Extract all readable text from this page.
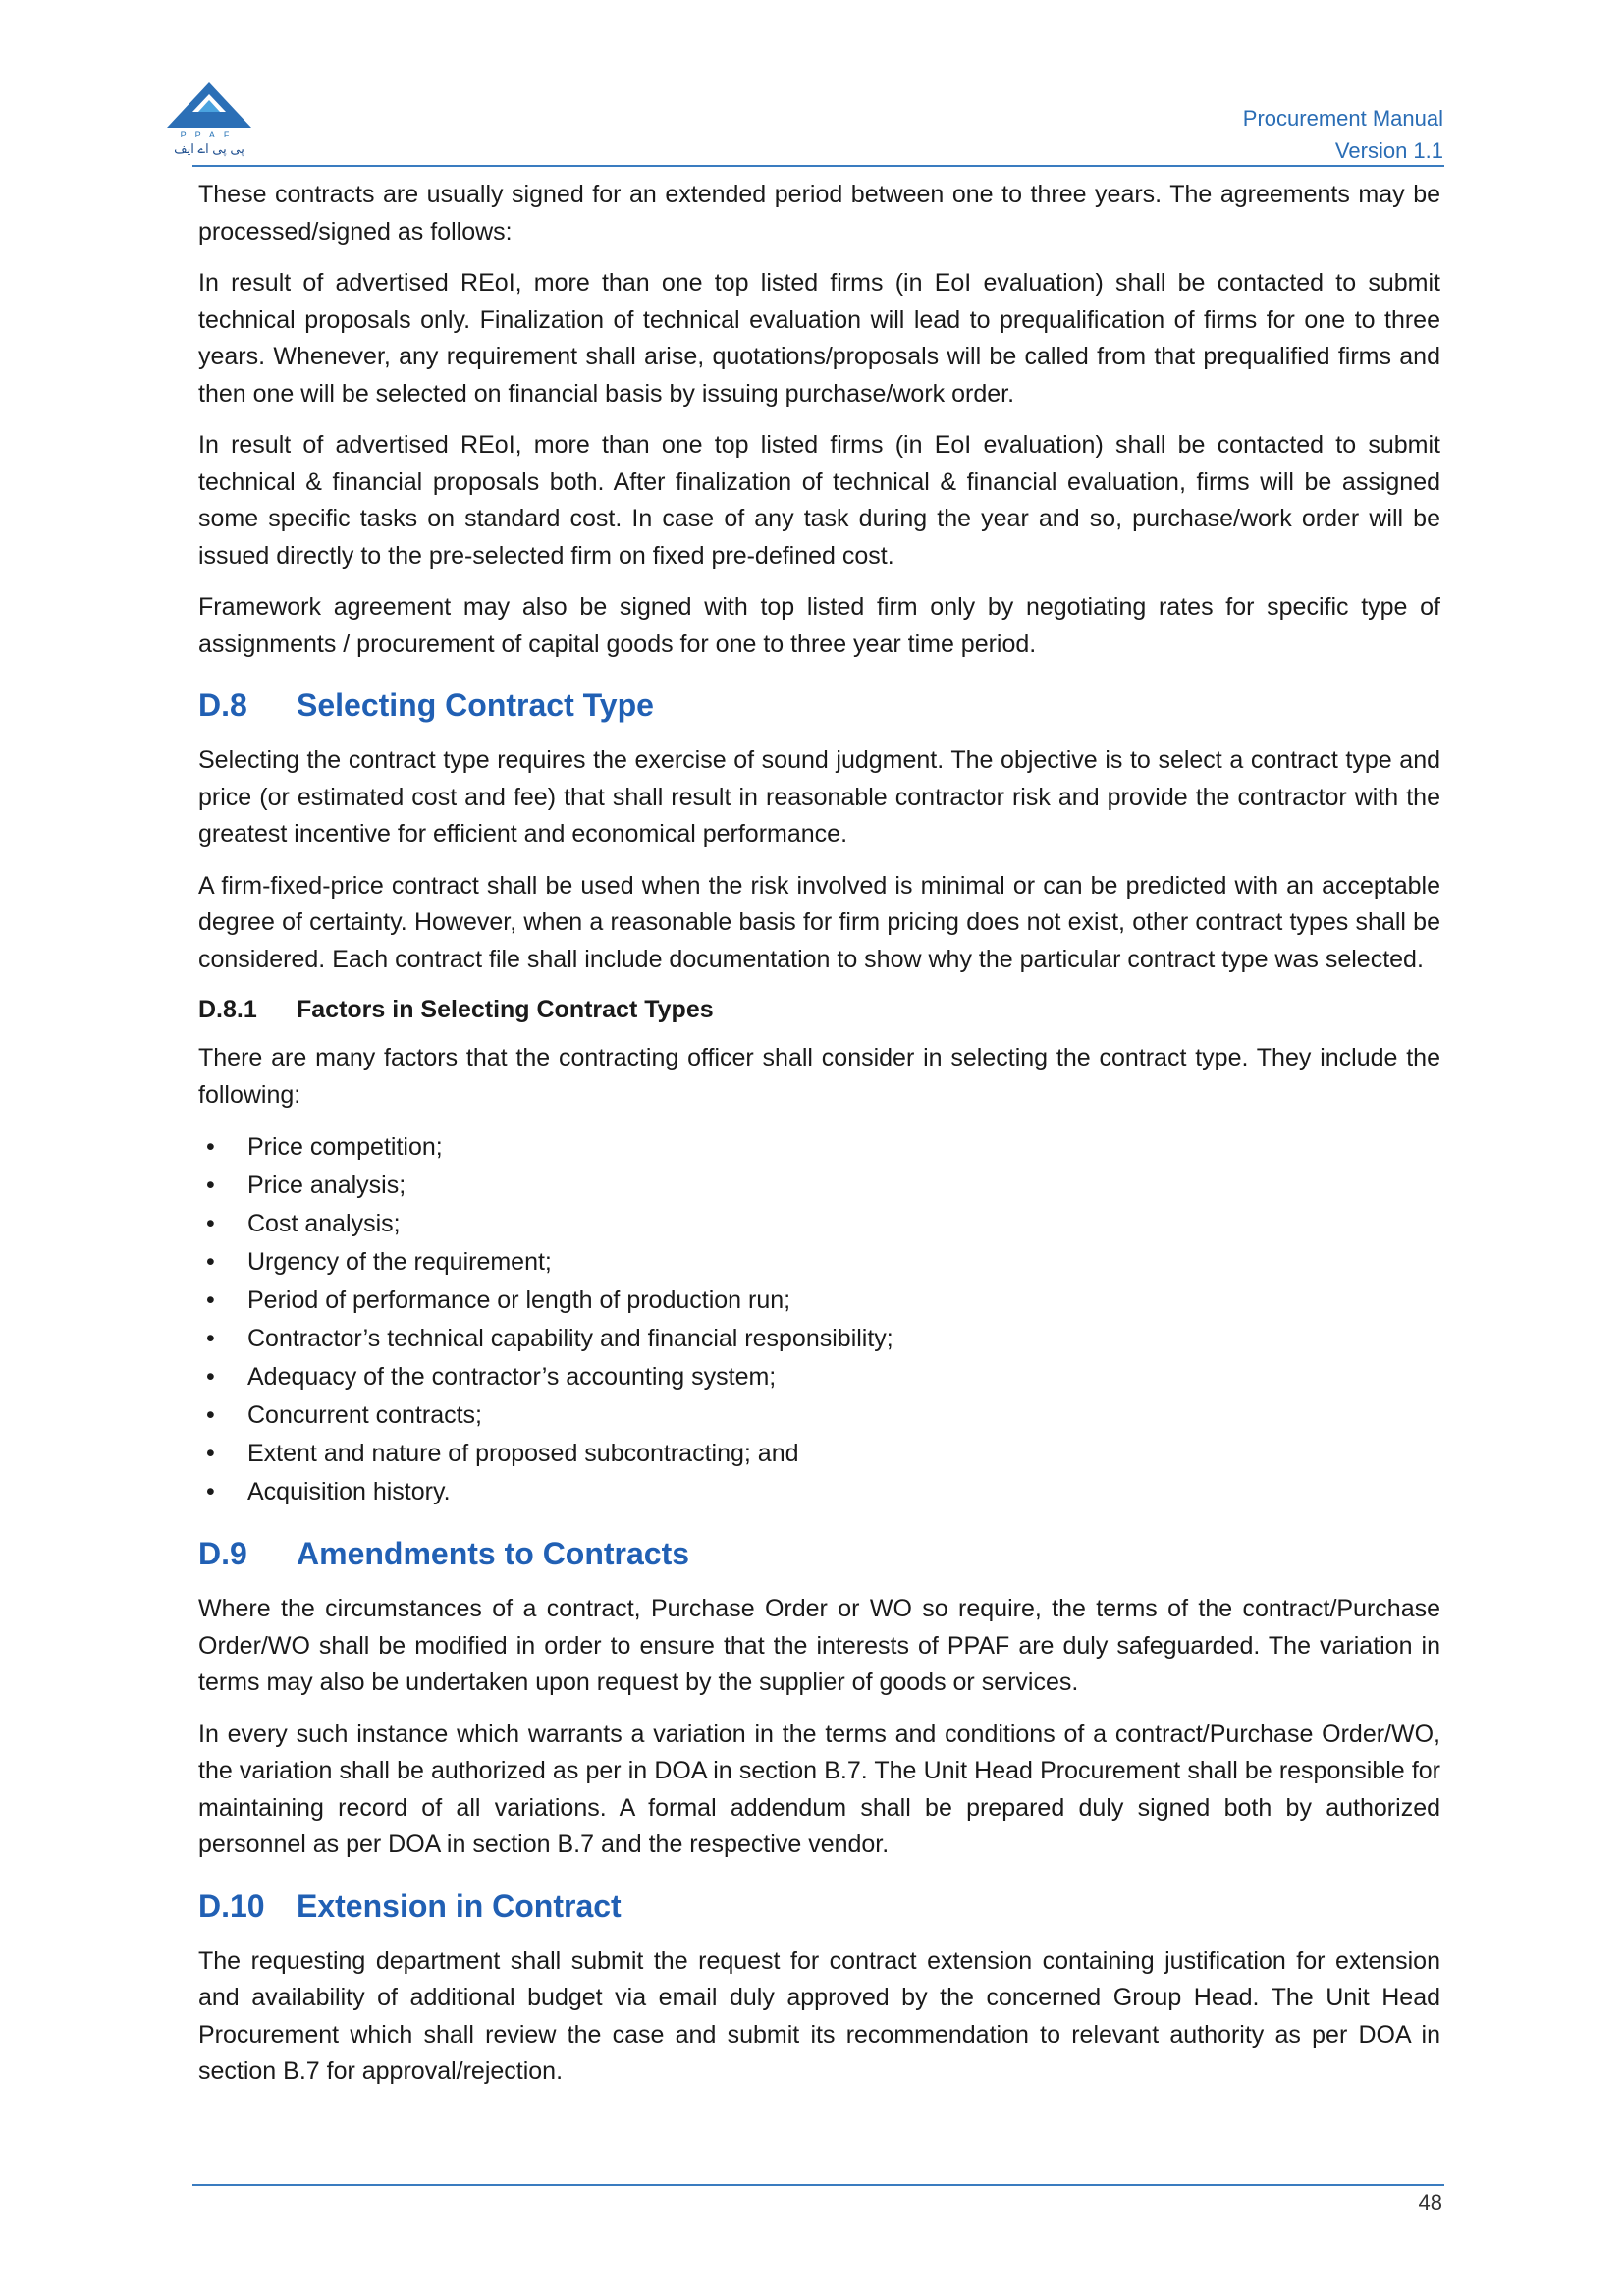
PPAF
پی پی اے ایف
Procurement Manual
Version 1.1

These contracts are usually signed for an extended period between one to three years. The agreements may be processed/signed as follows:

In result of advertised REoI, more than one top listed firms (in EoI evaluation) shall be contacted to submit technical proposals only. Finalization of technical evaluation will lead to prequalification of firms for one to three years. Whenever, any requirement shall arise, quotations/proposals will be called from that prequalified firms and then one will be selected on financial basis by issuing purchase/work order.

In result of advertised REoI, more than one top listed firms (in EoI evaluation) shall be contacted to submit technical & financial proposals both. After finalization of technical & financial evaluation, firms will be assigned some specific tasks on standard cost. In case of any task during the year and so, purchase/work order will be issued directly to the pre-selected firm on fixed pre-defined cost.

Framework agreement may also be signed with top listed firm only by negotiating rates for specific type of assignments / procurement of capital goods for one to three year time period.

D.8 Selecting Contract Type

Selecting the contract type requires the exercise of sound judgment. The objective is to select a contract type and price (or estimated cost and fee) that shall result in reasonable contractor risk and provide the contractor with the greatest incentive for efficient and economical performance.

A firm-fixed-price contract shall be used when the risk involved is minimal or can be predicted with an acceptable degree of certainty. However, when a reasonable basis for firm pricing does not exist, other contract types shall be considered. Each contract file shall include documentation to show why the particular contract type was selected.

D.8.1 Factors in Selecting Contract Types

There are many factors that the contracting officer shall consider in selecting the contract type. They include the following:

• Price competition;
• Price analysis;
• Cost analysis;
• Urgency of the requirement;
• Period of performance or length of production run;
• Contractor’s technical capability and financial responsibility;
• Adequacy of the contractor’s accounting system;
• Concurrent contracts;
• Extent and nature of proposed subcontracting; and
• Acquisition history.
D.9 Amendments to Contracts

Where the circumstances of a contract, Purchase Order or WO so require, the terms of the contract/Purchase Order/WO shall be modified in order to ensure that the interests of PPAF are duly safeguarded. The variation in terms may also be undertaken upon request by the supplier of goods or services.

In every such instance which warrants a variation in the terms and conditions of a contract/Purchase Order/WO, the variation shall be authorized as per in DOA in section B.7. The Unit Head Procurement shall be responsible for maintaining record of all variations. A formal addendum shall be prepared duly signed both by authorized personnel as per DOA in section B.7 and the respective vendor.

D.10 Extension in Contract

The requesting department shall submit the request for contract extension containing justification for extension and availability of additional budget via email duly approved by the concerned Group Head. The Unit Head Procurement which shall review the case and submit its recommendation to relevant authority as per DOA in section B.7 for approval/rejection.

48
